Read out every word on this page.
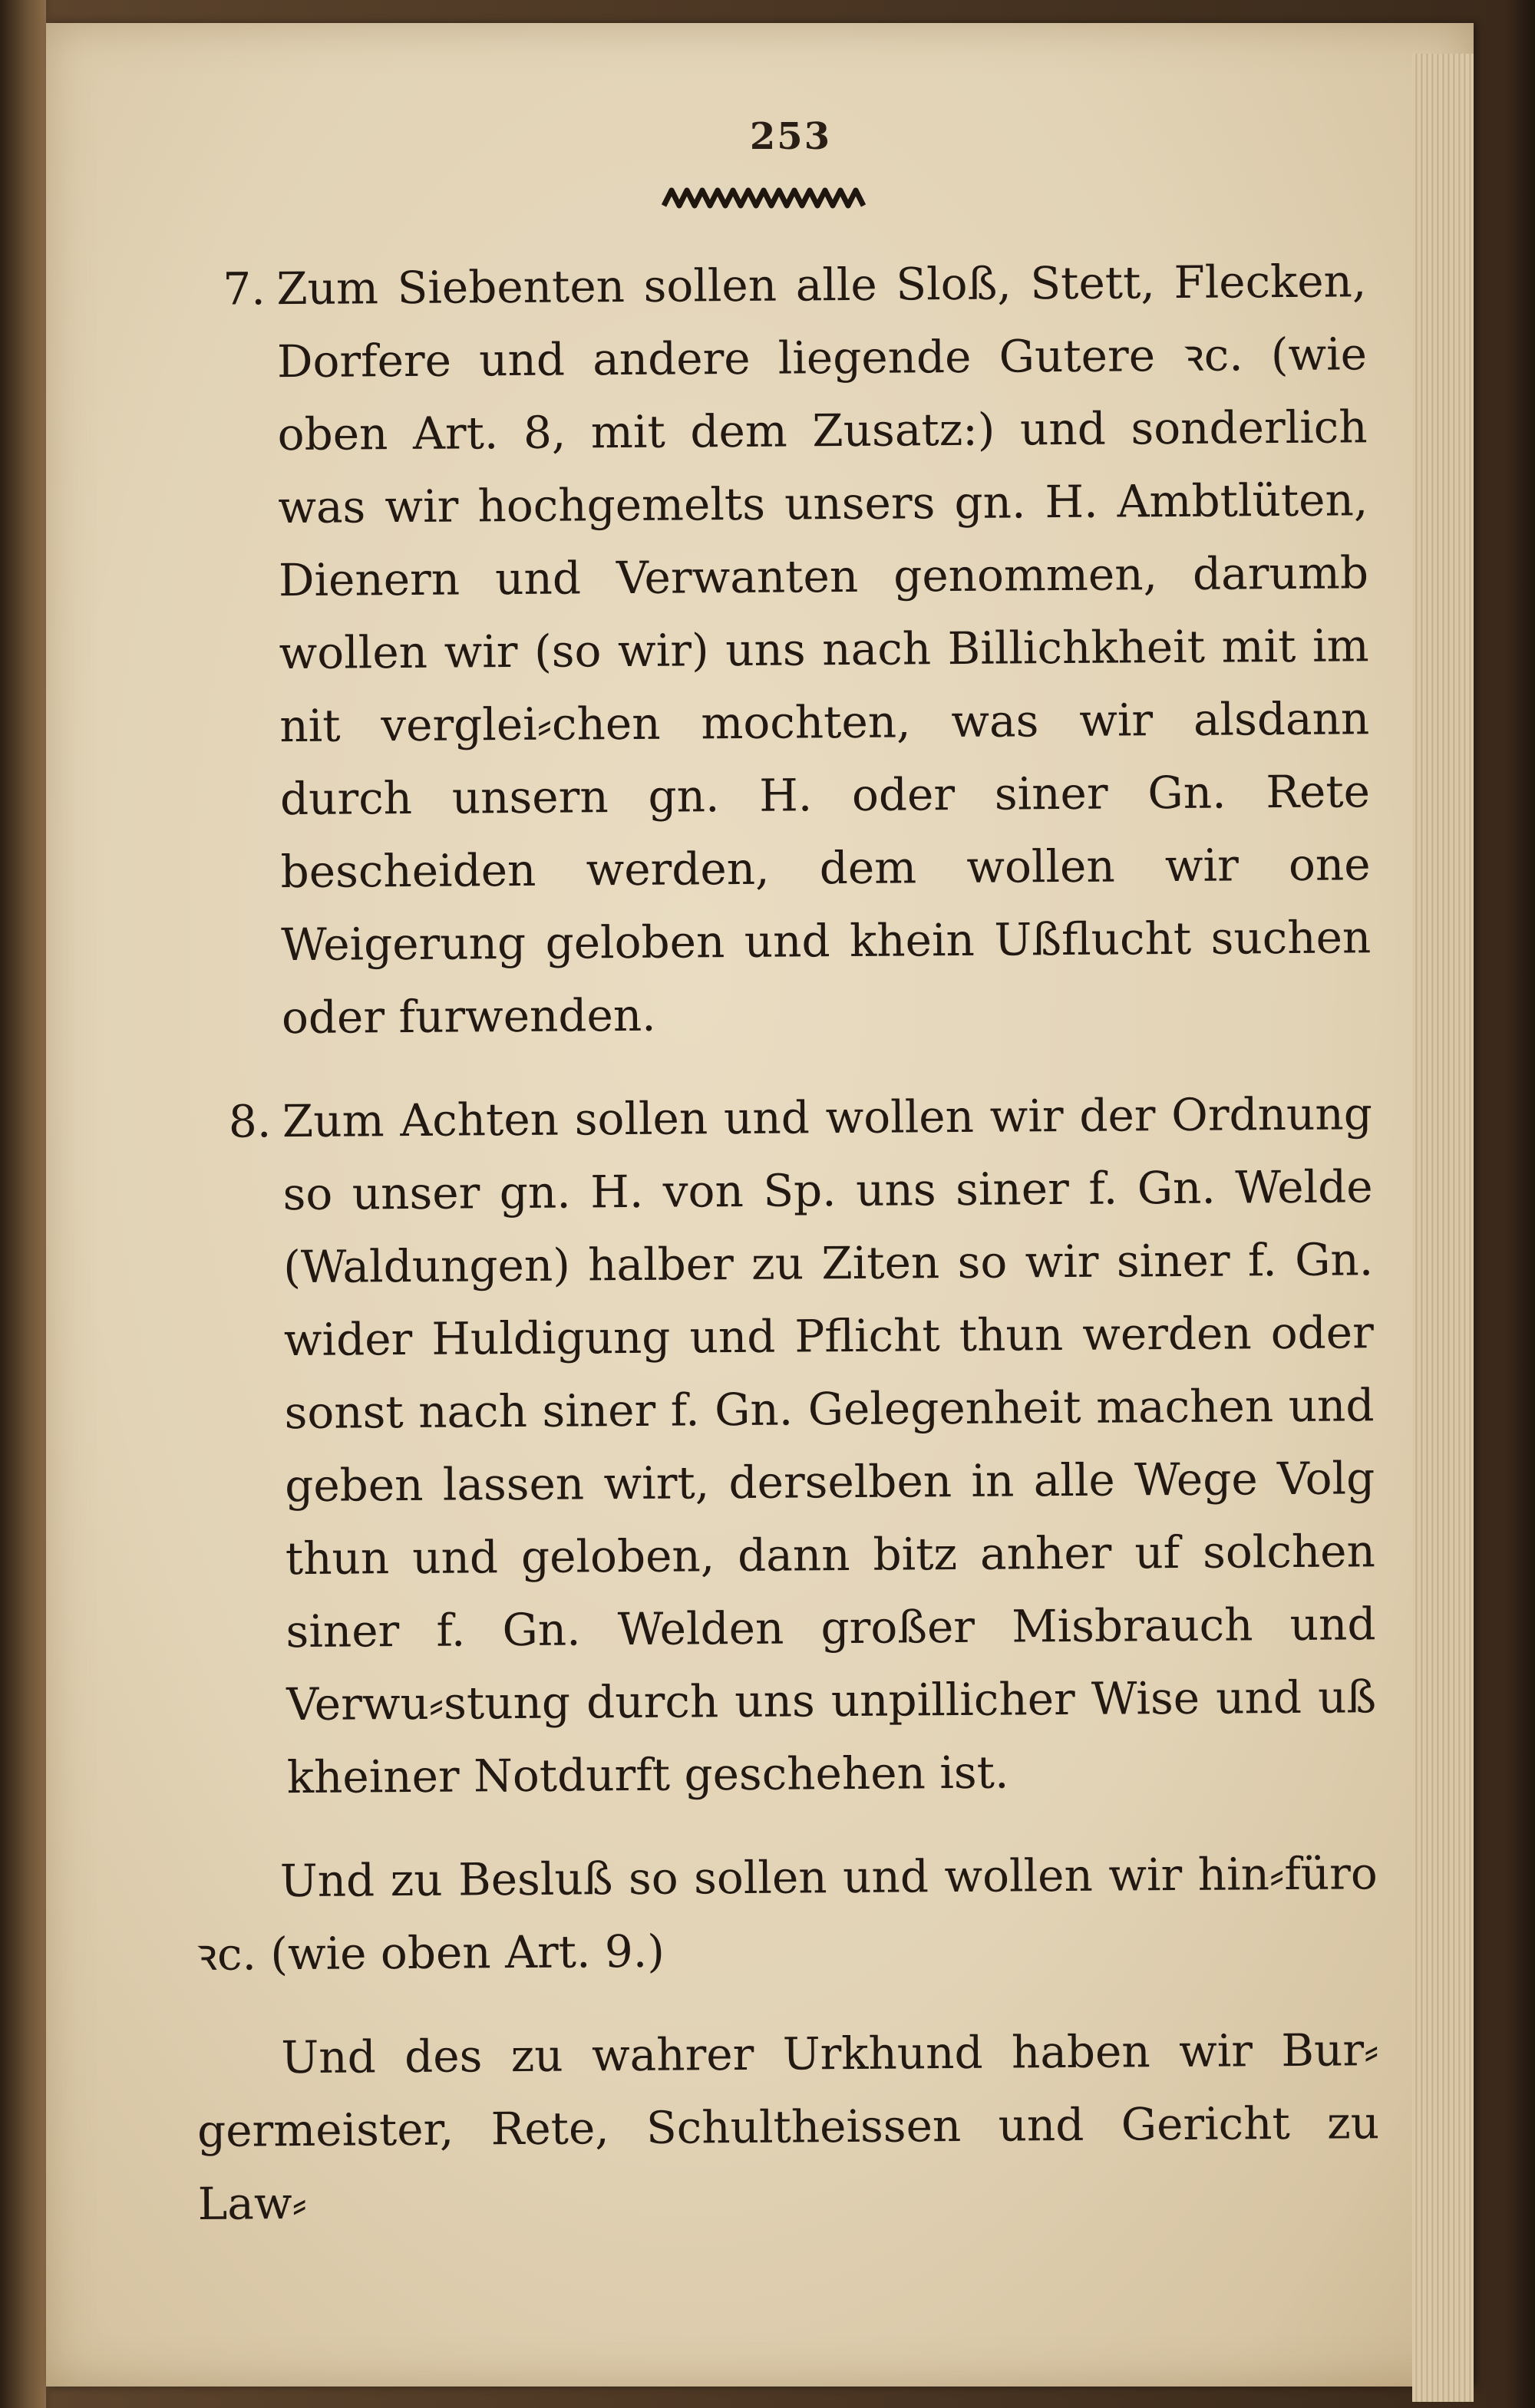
253
7. Zum Siebenten sollen alle Sloß, Stett, Flecken, Dorfere und andere liegende Gutere ꝛc. (wie oben Art. 8, mit dem Zusatz:) und sonderlich was wir hochgemelts unsers gn. H. Ambtlüten, Dienern und Verwanten genommen, darumb wollen wir (so wir) uns nach Billichkheit mit im nit verglei⸗chen mochten, was wir alsdann durch unsern gn. H. oder siner Gn. Rete bescheiden werden, dem wollen wir one Weigerung geloben und khein Ußflucht suchen oder furwenden.
8. Zum Achten sollen und wollen wir der Ordnung so unser gn. H. von Sp. uns siner f. Gn. Welde (Waldungen) halber zu Ziten so wir siner f. Gn. wider Huldigung und Pflicht thun werden oder sonst nach siner f. Gn. Gelegenheit machen und geben lassen wirt, derselben in alle Wege Volg thun und geloben, dann bitz anher uf solchen siner f. Gn. Welden großer Misbrauch und Verwu⸗stung durch uns unpillicher Wise und uß kheiner Notdurft geschehen ist.

Und zu Besluß so sollen und wollen wir hin⸗füro ꝛc. (wie oben Art. 9.)

Und des zu wahrer Urkhund haben wir Bur⸗germeister, Rete, Schultheissen und Gericht zu Law⸗
